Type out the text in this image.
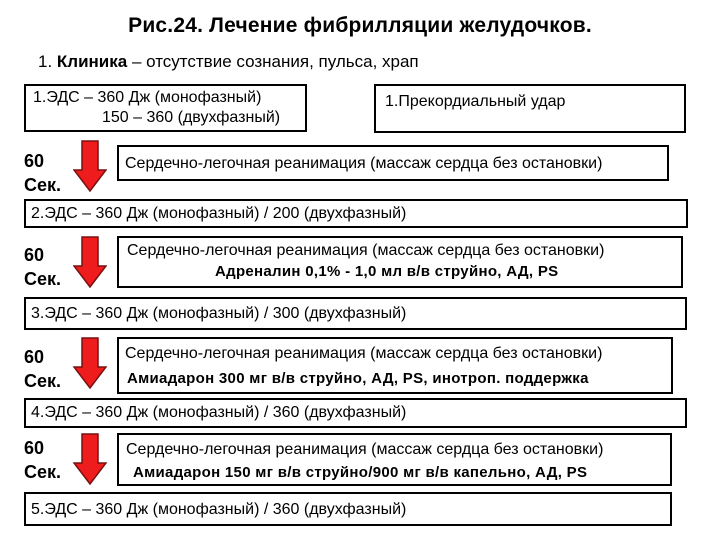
Рис.24. Лечение фибрилляции желудочков.
1. Клиника – отсутствие сознания, пульса, храп
1.ЭДС – 360 Дж (монофазный)
150 – 360 (двухфазный)
1.Прекордиальный удар
60
Сек.
Сердечно-легочная реанимация (массаж сердца без остановки)
2.ЭДС – 360 Дж (монофазный) / 200 (двухфазный)
60
Сек.
Сердечно-легочная реанимация (массаж сердца без остановки)
Адреналин 0,1% - 1,0 мл в/в струйно, АД, PS
3.ЭДС – 360 Дж (монофазный) / 300 (двухфазный)
60
Сек.
Сердечно-легочная реанимация (массаж сердца без остановки)
Амиадарон 300 мг в/в струйно, АД, PS, инотроп. поддержка
4.ЭДС – 360 Дж (монофазный) / 360 (двухфазный)
60
Сек.
Сердечно-легочная реанимация (массаж сердца без остановки)
Амиадарон 150 мг в/в струйно/900 мг в/в капельно, АД, PS
5.ЭДС – 360 Дж (монофазный) / 360 (двухфазный)
